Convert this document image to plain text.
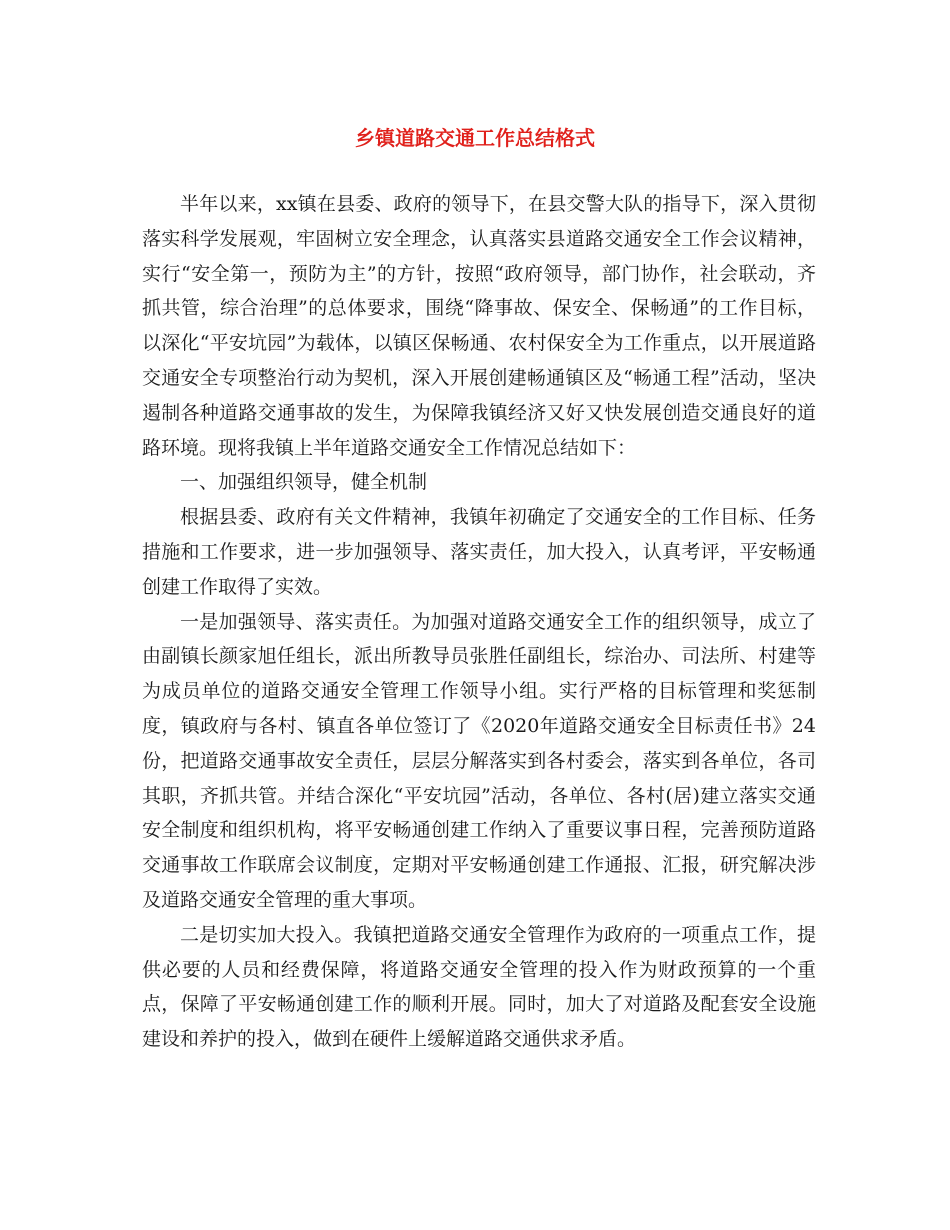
乡镇道路交通工作总结格式

半年以来，xx镇在县委、政府的领导下，在县交警大队的指导下，深入贯彻落实科学发展观，牢固树立安全理念，认真落实县道路交通安全工作会议精神，实行“安全第一，预防为主”的方针，按照“政府领导，部门协作，社会联动，齐抓共管，综合治理”的总体要求，围绕“降事故、保安全、保畅通”的工作目标，以深化“平安坑园”为载体，以镇区保畅通、农村保安全为工作重点，以开展道路交通安全专项整治行动为契机，深入开展创建畅通镇区及“畅通工程”活动，坚决遏制各种道路交通事故的发生，为保障我镇经济又好又快发展创造交通良好的道路环境。现将我镇上半年道路交通安全工作情况总结如下：

一、加强组织领导，健全机制

根据县委、政府有关文件精神，我镇年初确定了交通安全的工作目标、任务措施和工作要求，进一步加强领导、落实责任，加大投入，认真考评，平安畅通创建工作取得了实效。

一是加强领导、落实责任。为加强对道路交通安全工作的组织领导，成立了由副镇长颜家旭任组长，派出所教导员张胜任副组长，综治办、司法所、村建等为成员单位的道路交通安全管理工作领导小组。实行严格的目标管理和奖惩制度，镇政府与各村、镇直各单位签订了《2020年道路交通安全目标责任书》24份，把道路交通事故安全责任，层层分解落实到各村委会，落实到各单位，各司其职，齐抓共管。并结合深化“平安坑园”活动，各单位、各村(居)建立落实交通安全制度和组织机构，将平安畅通创建工作纳入了重要议事日程，完善预防道路交通事故工作联席会议制度，定期对平安畅通创建工作通报、汇报，研究解决涉及道路交通安全管理的重大事项。

二是切实加大投入。我镇把道路交通安全管理作为政府的一项重点工作，提供必要的人员和经费保障，将道路交通安全管理的投入作为财政预算的一个重点，保障了平安畅通创建工作的顺利开展。同时，加大了对道路及配套安全设施建设和养护的投入，做到在硬件上缓解道路交通供求矛盾。
